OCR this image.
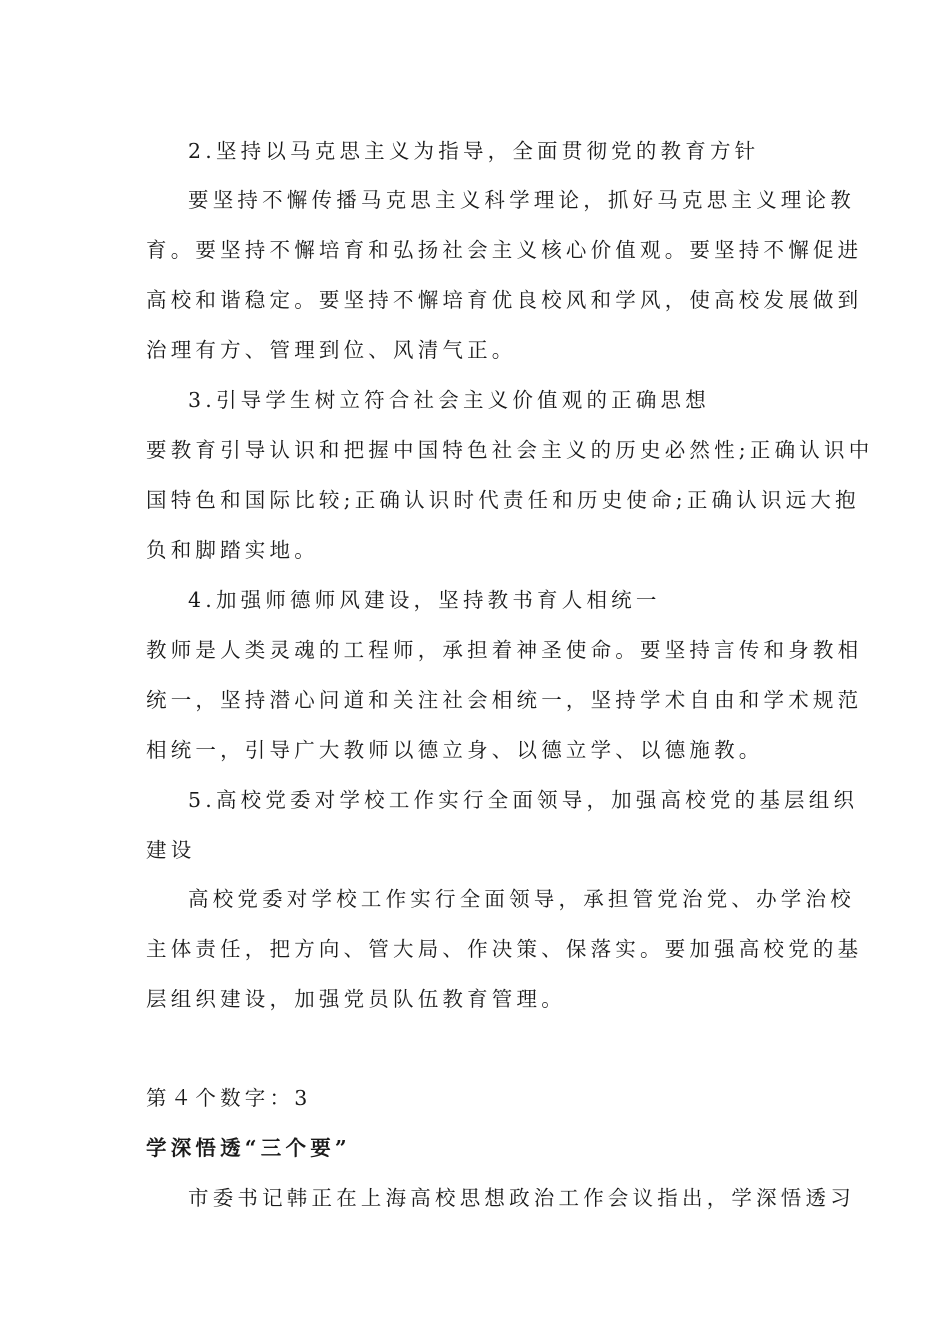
2.坚持以马克思主义为指导，全面贯彻党的教育方针
要坚持不懈传播马克思主义科学理论，抓好马克思主义理论教
育。要坚持不懈培育和弘扬社会主义核心价值观。要坚持不懈促进
高校和谐稳定。要坚持不懈培育优良校风和学风，使高校发展做到
治理有方、管理到位、风清气正。
3.引导学生树立符合社会主义价值观的正确思想
要教育引导认识和把握中国特色社会主义的历史必然性;正确认识中
国特色和国际比较;正确认识时代责任和历史使命;正确认识远大抱
负和脚踏实地。
4.加强师德师风建设，坚持教书育人相统一
教师是人类灵魂的工程师，承担着神圣使命。要坚持言传和身教相
统一，坚持潜心问道和关注社会相统一，坚持学术自由和学术规范
相统一，引导广大教师以德立身、以德立学、以德施教。
5.高校党委对学校工作实行全面领导，加强高校党的基层组织
建设
高校党委对学校工作实行全面领导，承担管党治党、办学治校
主体责任，把方向、管大局、作决策、保落实。要加强高校党的基
层组织建设，加强党员队伍教育管理。
第４个数字：3
学深悟透“三个要”
市委书记韩正在上海高校思想政治工作会议指出，学深悟透习
